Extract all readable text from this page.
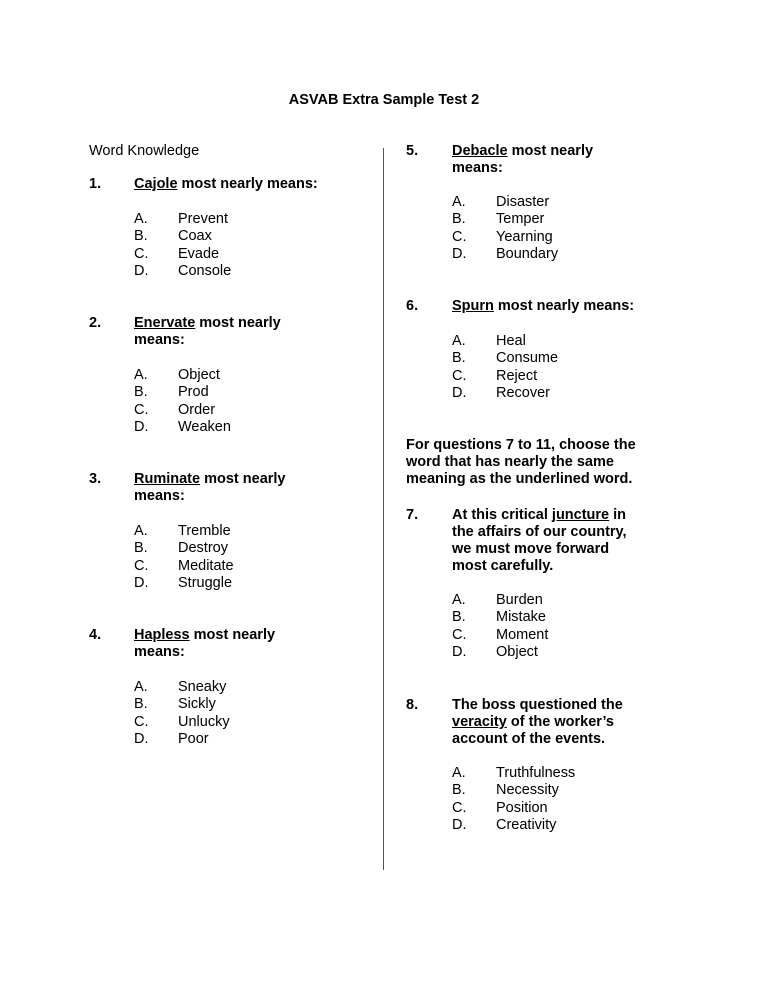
ASVAB Extra Sample Test 2
Word Knowledge
1. Cajole most nearly means:
A. Prevent
B. Coax
C. Evade
D. Console
2. Enervate most nearly means:
A. Object
B. Prod
C. Order
D. Weaken
3. Ruminate most nearly means:
A. Tremble
B. Destroy
C. Meditate
D. Struggle
4. Hapless most nearly means:
A. Sneaky
B. Sickly
C. Unlucky
D. Poor
5. Debacle most nearly means:
A. Disaster
B. Temper
C. Yearning
D. Boundary
6. Spurn most nearly means:
A. Heal
B. Consume
C. Reject
D. Recover
For questions 7 to 11, choose the word that has nearly the same meaning as the underlined word.
7. At this critical juncture in the affairs of our country, we must move forward most carefully.
A. Burden
B. Mistake
C. Moment
D. Object
8. The boss questioned the veracity of the worker’s account of the events.
A. Truthfulness
B. Necessity
C. Position
D. Creativity
